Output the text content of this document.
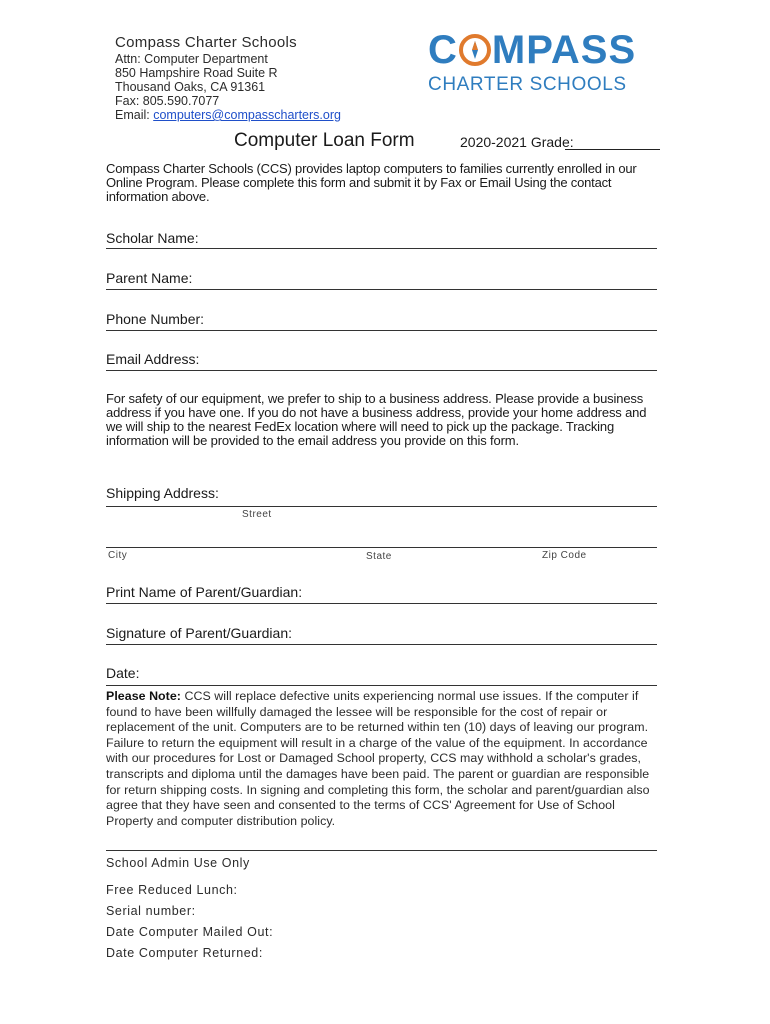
Compass Charter Schools
Attn: Computer Department
850 Hampshire Road Suite R
Thousand Oaks, CA 91361
Fax: 805.590.7077
Email: computers@compasscharters.org
C MPASS
CHARTER SCHOOLS
Computer Loan Form	2020-2021 Grade:
Compass Charter Schools (CCS) provides laptop computers to families currently enrolled in our Online Program. Please complete this form and submit it by Fax or Email Using the contact information above.
Scholar Name:
Parent Name:
Phone Number:
Email Address:
For safety of our equipment, we prefer to ship to a business address. Please provide a business address if you have one. If you do not have a business address, provide your home address and we will ship to the nearest FedEx location where will need to pick up the package. Tracking information will be provided to the email address you provide on this form.
Shipping Address:
Street
City	State	Zip Code
Print Name of Parent/Guardian:
Signature of Parent/Guardian:
Date:
Please Note: CCS will replace defective units experiencing normal use issues. If the computer if found to have been willfully damaged the lessee will be responsible for the cost of repair or replacement of the unit. Computers are to be returned within ten (10) days of leaving our program. Failure to return the equipment will result in a charge of the value of the equipment. In accordance with our procedures for Lost or Damaged School property, CCS may withhold a scholar's grades, transcripts and diploma until the damages have been paid. The parent or guardian are responsible for return shipping costs. In signing and completing this form, the scholar and parent/guardian also agree that they have seen and consented to the terms of CCS' Agreement for Use of School Property and computer distribution policy.
School Admin Use Only
Free Reduced Lunch:
Serial number:
Date Computer Mailed Out:
Date Computer Returned:
